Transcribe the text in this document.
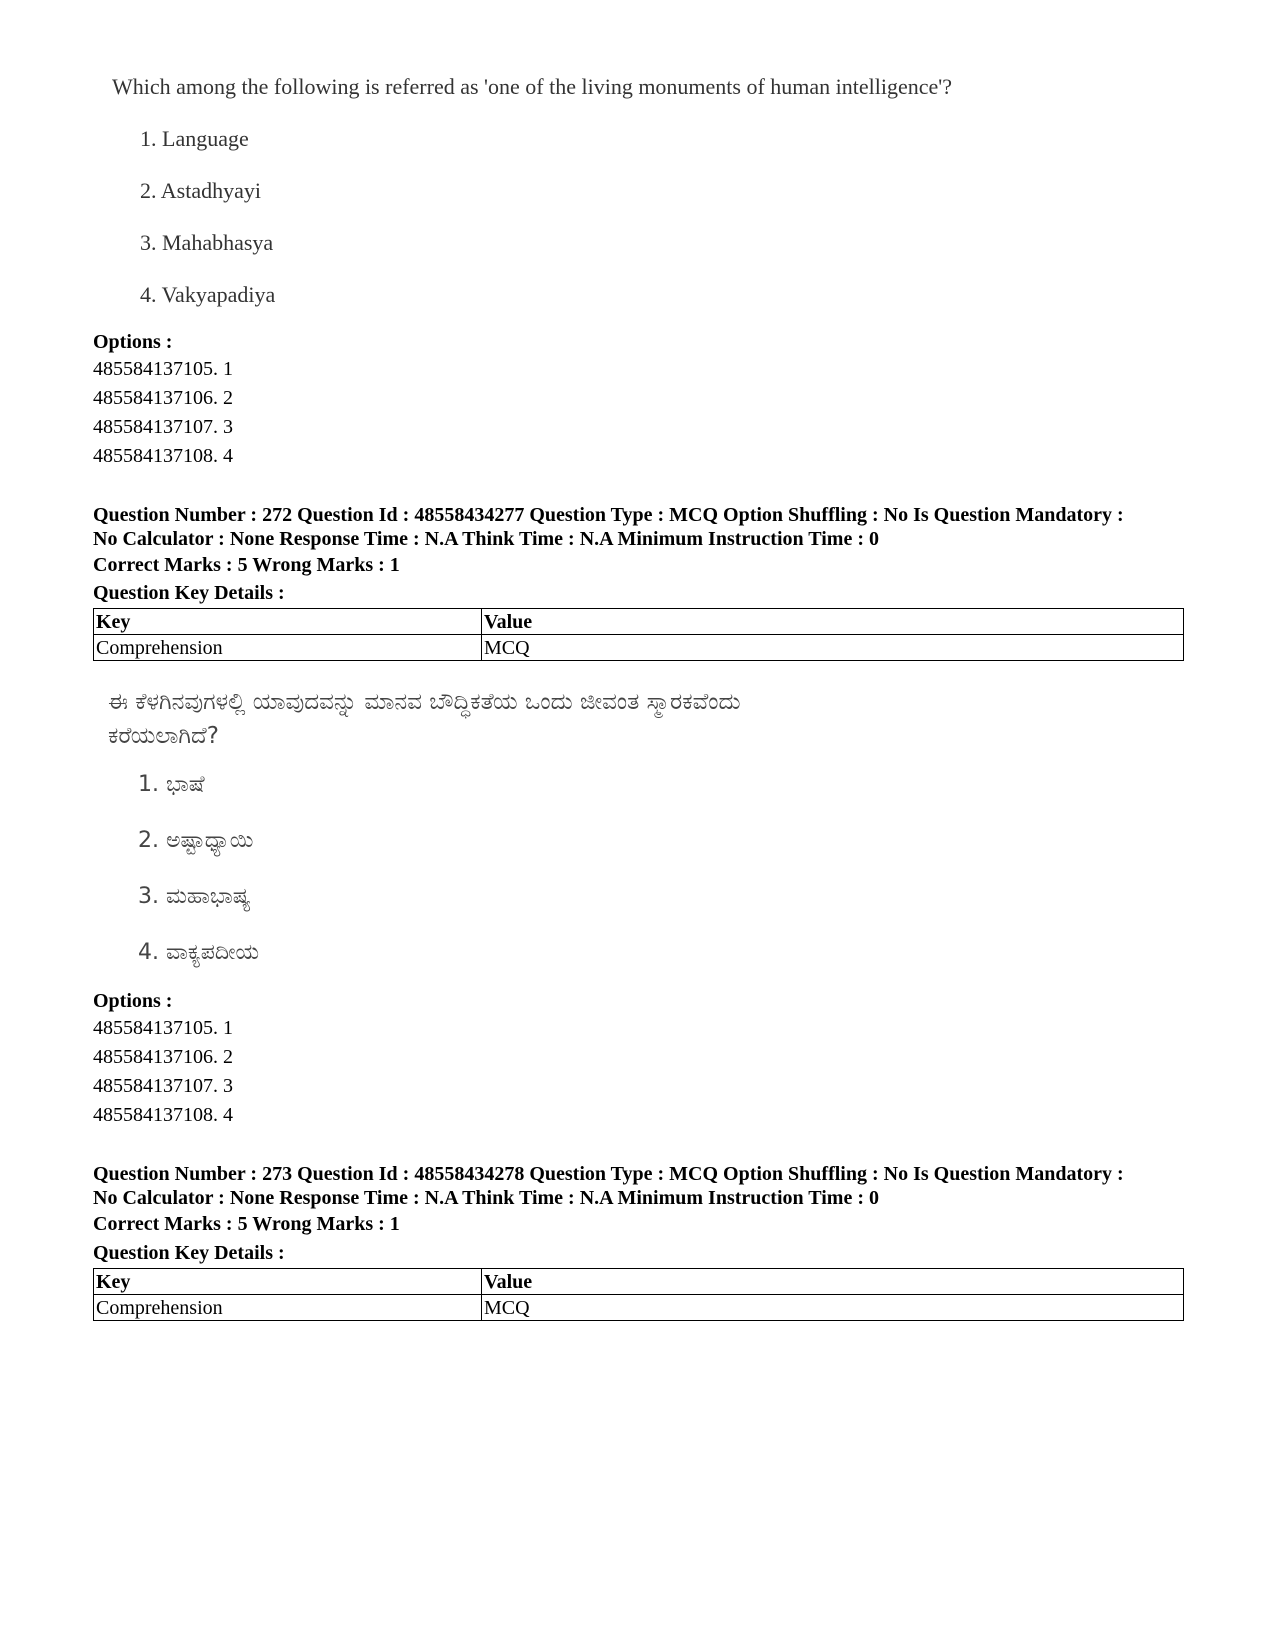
Which among the following is referred as 'one of the living monuments of human intelligence'?
1. Language
2. Astadhyayi
3. Mahabhasya
4. Vakyapadiya
Options :
485584137105. 1
485584137106. 2
485584137107. 3
485584137108. 4
Question Number : 272 Question Id : 48558434277 Question Type : MCQ Option Shuffling : No Is Question Mandatory :
No Calculator : None Response Time : N.A Think Time : N.A Minimum Instruction Time : 0
Correct Marks : 5 Wrong Marks : 1
Question Key Details :
Key	Value
Comprehension	MCQ
ಈ ಕೆಳಗಿನವುಗಳಲ್ಲಿ ಯಾವುದವನ್ನು ಮಾನವ ಬೌದ್ಧಿಕತೆಯ ಒಂದು ಜೀವಂತ ಸ್ಮಾರಕವೆಂದು
ಕರೆಯಲಾಗಿದೆ?
1. ಭಾಷೆ
2. ಅಷ್ಟಾಧ್ಯಾಯಿ
3. ಮಹಾಭಾಷ್ಯ
4. ವಾಕ್ಯಪದೀಯ
Options :
485584137105. 1
485584137106. 2
485584137107. 3
485584137108. 4
Question Number : 273 Question Id : 48558434278 Question Type : MCQ Option Shuffling : No Is Question Mandatory :
No Calculator : None Response Time : N.A Think Time : N.A Minimum Instruction Time : 0
Correct Marks : 5 Wrong Marks : 1
Question Key Details :
Key	Value
Comprehension	MCQ
